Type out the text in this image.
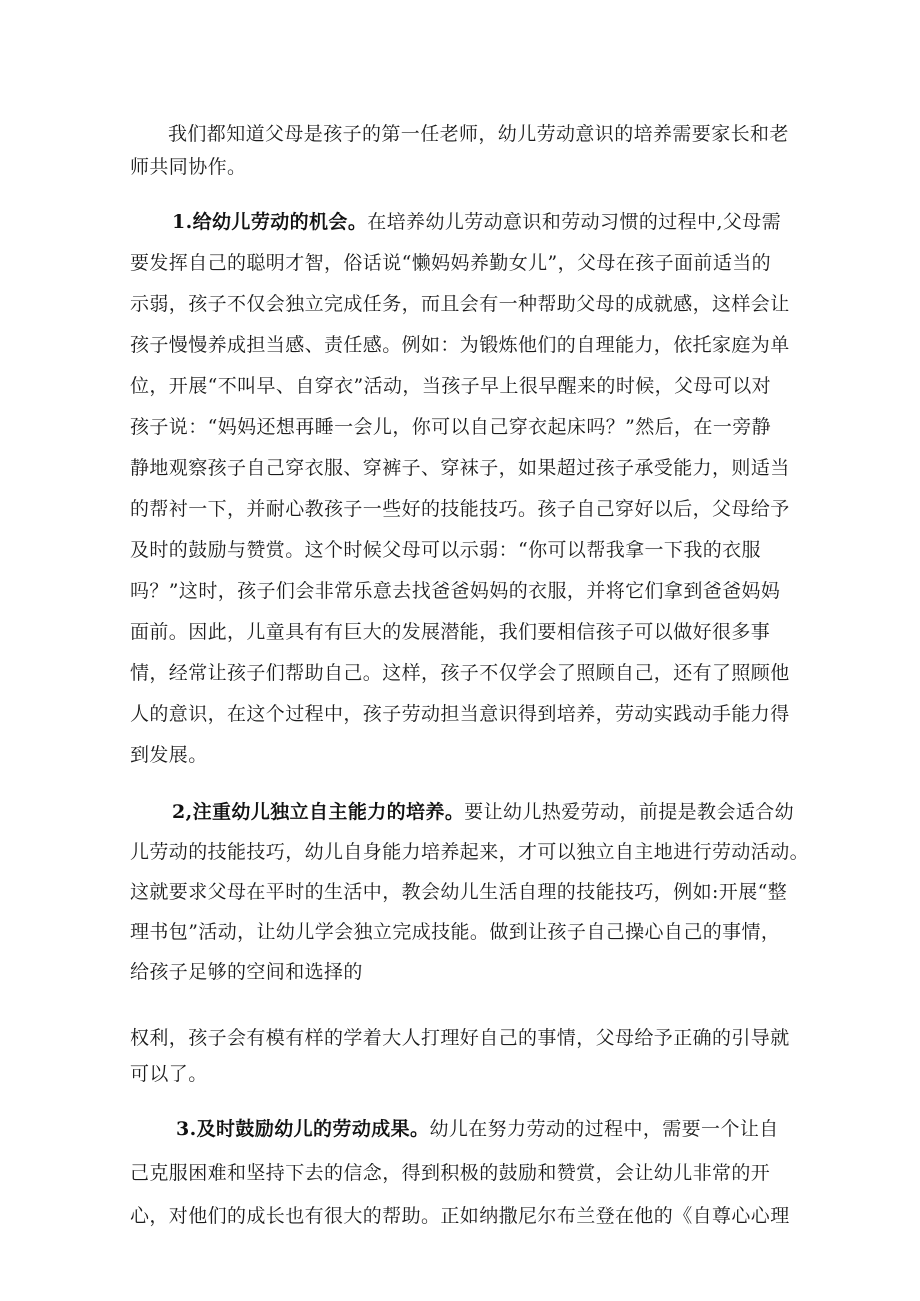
我们都知道父母是孩子的第一任老师，幼儿劳动意识的培养需要家长和老
师共同协作。
1.给幼儿劳动的机会。在培养幼儿劳动意识和劳动习惯的过程中,父母需
要发挥自己的聪明才智，俗话说“懒妈妈养勤女儿”，父母在孩子面前适当的
示弱，孩子不仅会独立完成任务，而且会有一种帮助父母的成就感，这样会让
孩子慢慢养成担当感、责任感。例如：为锻炼他们的自理能力，依托家庭为单
位，开展“不叫早、自穿衣”活动，当孩子早上很早醒来的时候，父母可以对
孩子说：“妈妈还想再睡一会儿，你可以自己穿衣起床吗？”然后，在一旁静
静地观察孩子自己穿衣服、穿裤子、穿袜子，如果超过孩子承受能力，则适当
的帮衬一下，并耐心教孩子一些好的技能技巧。孩子自己穿好以后，父母给予
及时的鼓励与赞赏。这个时候父母可以示弱：“你可以帮我拿一下我的衣服
吗？”这时，孩子们会非常乐意去找爸爸妈妈的衣服，并将它们拿到爸爸妈妈
面前。因此，儿童具有有巨大的发展潜能，我们要相信孩子可以做好很多事
情，经常让孩子们帮助自己。这样，孩子不仅学会了照顾自己，还有了照顾他
人的意识，在这个过程中，孩子劳动担当意识得到培养，劳动实践动手能力得
到发展。
2,注重幼儿独立自主能力的培养。要让幼儿热爱劳动，前提是教会适合幼
儿劳动的技能技巧，幼儿自身能力培养起来，才可以独立自主地进行劳动活动。
这就要求父母在平时的生活中，教会幼儿生活自理的技能技巧，例如:开展“整
理书包”活动，让幼儿学会独立完成技能。做到让孩子自己操心自己的事情，
给孩子足够的空间和选择的
权利，孩子会有模有样的学着大人打理好自己的事情，父母给予正确的引导就
可以了。
3.及时鼓励幼儿的劳动成果。幼儿在努力劳动的过程中，需要一个让自
己克服困难和坚持下去的信念，得到积极的鼓励和赞赏，会让幼儿非常的开
心，对他们的成长也有很大的帮助。正如纳撒尼尔布兰登在他的《自尊心心理
